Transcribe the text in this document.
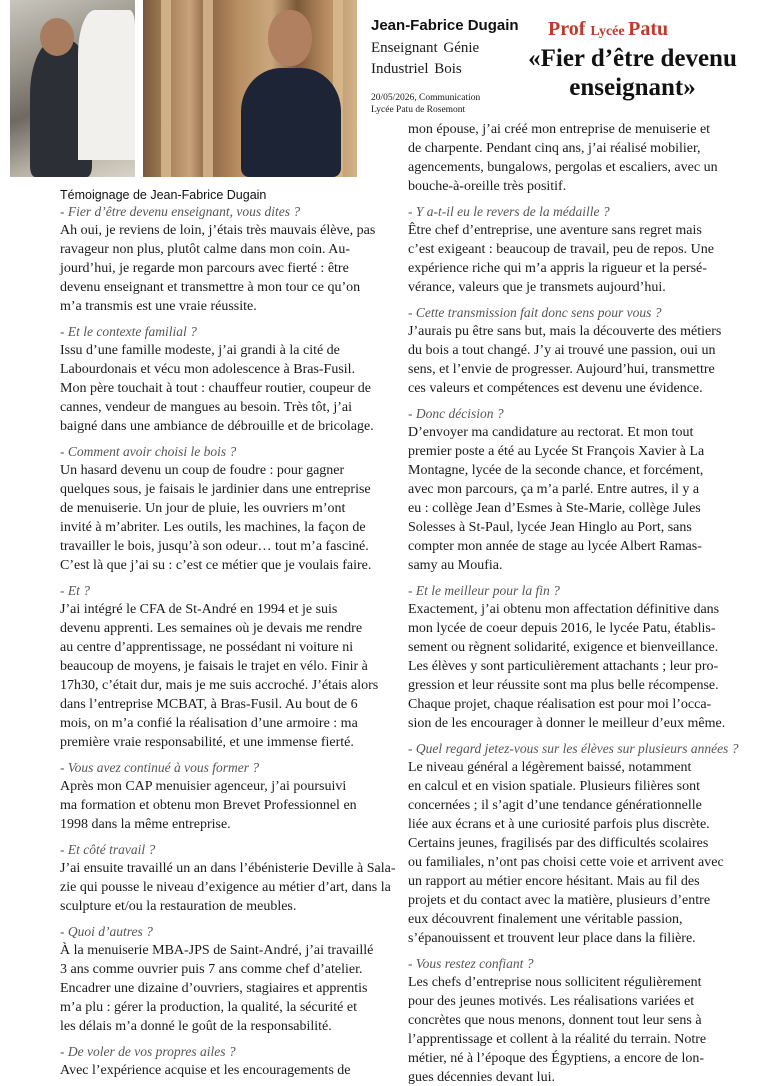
Jean-Fabrice Dugain
Enseignant Génie
Industriel Bois
20/05/2026, Communication
Lycée Patu de Rosemont
Prof Lycée Patu
«Fier d’être devenu
enseignant»
Témoignage de Jean-Fabrice Dugain
- Fier d’être devenu enseignant, vous dites ?
Ah oui, je reviens de loin, j’étais très mauvais élève, pas
ravageur non plus, plutôt calme dans mon coin. Au-
jourd’hui, je regarde mon parcours avec fierté : être
devenu enseignant et transmettre à mon tour ce qu’on
m’a transmis est une vraie réussite.
- Et le contexte familial ?
Issu d’une famille modeste, j’ai grandi à la cité de
Labourdonais et vécu mon adolescence à Bras-Fusil.
Mon père touchait à tout : chauffeur routier, coupeur de
cannes, vendeur de mangues au besoin. Très tôt, j’ai
baigné dans une ambiance de débrouille et de bricolage.
- Comment avoir choisi le bois ?
Un hasard devenu un coup de foudre : pour gagner
quelques sous, je faisais le jardinier dans une entreprise
de menuiserie. Un jour de pluie, les ouvriers m’ont
invité à m’abriter. Les outils, les machines, la façon de
travailler le bois, jusqu’à son odeur… tout m’a fasciné.
C’est là que j’ai su : c’est ce métier que je voulais faire.
- Et ?
J’ai intégré le CFA de St-André en 1994 et je suis
devenu apprenti. Les semaines où je devais me rendre
au centre d’apprentissage, ne possédant ni voiture ni
beaucoup de moyens, je faisais le trajet en vélo. Finir à
17h30, c’était dur, mais je me suis accroché. J’étais alors
dans l’entreprise MCBAT, à Bras-Fusil. Au bout de 6
mois, on m’a confié la réalisation d’une armoire : ma
première vraie responsabilité, et une immense fierté.
- Vous avez continué à vous former ?
Après mon CAP menuisier agenceur, j’ai poursuivi
ma formation et obtenu mon Brevet Professionnel en
1998 dans la même entreprise.
- Et côté travail ?
J’ai ensuite travaillé un an dans l’ébénisterie Deville à Sala-
zie qui pousse le niveau d’exigence au métier d’art, dans la
sculpture et/ou la restauration de meubles.
- Quoi d’autres ?
À la menuiserie MBA-JPS de Saint-André, j’ai travaillé
3 ans comme ouvrier puis 7 ans comme chef d’atelier.
Encadrer une dizaine d’ouvriers, stagiaires et apprentis
m’a plu : gérer la production, la qualité, la sécurité et
les délais m’a donné le goût de la responsabilité.
- De voler de vos propres ailes ?
Avec l’expérience acquise et les encouragements de
mon épouse, j’ai créé mon entreprise de menuiserie et
de charpente. Pendant cinq ans, j’ai réalisé mobilier,
agencements, bungalows, pergolas et escaliers, avec un
bouche-à-oreille très positif.
- Y a-t-il eu le revers de la médaille ?
Être chef d’entreprise, une aventure sans regret mais
c’est exigeant : beaucoup de travail, peu de repos. Une
expérience riche qui m’a appris la rigueur et la persé-
vérance, valeurs que je transmets aujourd’hui.
- Cette transmission fait donc sens pour vous ?
J’aurais pu être sans but, mais la découverte des métiers
du bois a tout changé. J’y ai trouvé une passion, oui un
sens, et l’envie de progresser. Aujourd’hui, transmettre
ces valeurs et compétences est devenu une évidence.
- Donc décision ?
D’envoyer ma candidature au rectorat. Et mon tout
premier poste a été au Lycée St François Xavier à La
Montagne, lycée de la seconde chance, et forcément,
avec mon parcours, ça m’a parlé. Entre autres, il y a
eu : collège Jean d’Esmes à Ste-Marie, collège Jules
Solesses à St-Paul, lycée Jean Hinglo au Port, sans
compter mon année de stage au lycée Albert Ramas-
samy au Moufia.
- Et le meilleur pour la fin ?
Exactement, j’ai obtenu mon affectation définitive dans
mon lycée de coeur depuis 2016, le lycée Patu, établis-
sement ou règnent solidarité, exigence et bienveillance.
Les élèves y sont particulièrement attachants ; leur pro-
gression et leur réussite sont ma plus belle récompense.
Chaque projet, chaque réalisation est pour moi l’occa-
sion de les encourager à donner le meilleur d’eux même.
- Quel regard jetez-vous sur les élèves sur plusieurs années ?
Le niveau général a légèrement baissé, notamment
en calcul et en vision spatiale. Plusieurs filières sont
concernées ; il s’agit d’une tendance générationnelle
liée aux écrans et à une curiosité parfois plus discrète.
Certains jeunes, fragilisés par des difficultés scolaires
ou familiales, n’ont pas choisi cette voie et arrivent avec
un rapport au métier encore hésitant. Mais au fil des
projets et du contact avec la matière, plusieurs d’entre
eux découvrent finalement une véritable passion,
s’épanouissent et trouvent leur place dans la filière.
- Vous restez confiant ?
Les chefs d’entreprise nous sollicitent régulièrement
pour des jeunes motivés. Les réalisations variées et
concrètes que nous menons, donnent tout leur sens à
l’apprentissage et collent à la réalité du terrain. Notre
métier, né à l’époque des Égyptiens, a encore de lon-
gues décennies devant lui.
